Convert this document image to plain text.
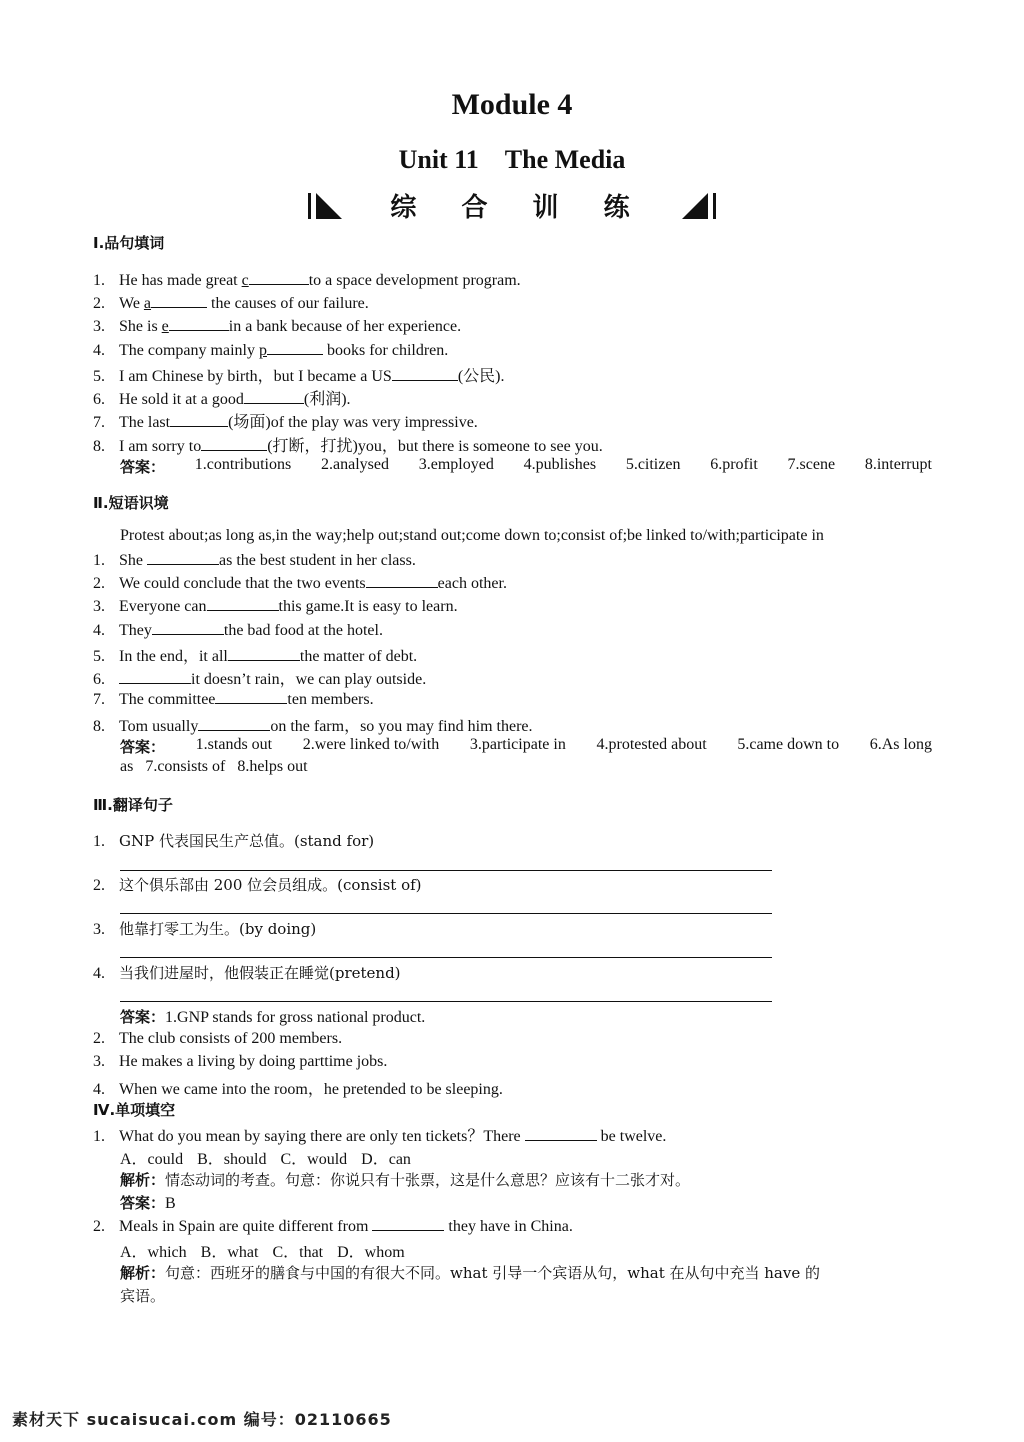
Module 4
Unit 11 The Media
综 合 训 练
Ⅰ.品句填词
1. He has made great c	to a space development program.
2. We a	the causes of our failure.
3. She is e	in a bank because of her experience.
4. The company mainly p	books for children.
5. I am Chinese by birth，but I became a US	(公民).
6. He sold it at a good	(利润).
7. The last	(场面)of the play was very impressive.
8. I am sorry to	(打断，打扰)you，but there is someone to see you.
答案： 1.contributions 2.analysed 3.employed 4.publishes 5.citizen 6.profit 7.scene 8.interrupt
Ⅱ.短语识境
Protest about;as long as,in the way;help out;stand out;come down to;consist of;be linked to/with;participate in
1. She	as the best student in her class.
2. We could conclude that the two events	each other.
3. Everyone can	this game.It is easy to learn.
4. They	the bad food at the hotel.
5. In the end，it all	the matter of debt.
6.	it doesn’t rain，we can play outside.
7. The committee	ten members.
8. Tom usually	on the farm，so you may find him there.
答案： 1.stands out 2.were linked to/with 3.participate in 4.protested about 5.came down to 6.As long
as   7.consists of   8.helps out
Ⅲ.翻译句子
1. GNP 代表国民生产总值。(stand for)
2. 这个俱乐部由 200 位会员组成。(consist of)
3. 他靠打零工为生。(by doing)
4. 当我们进屋时，他假装正在睡觉(pretend)
答案：1.GNP stands for gross national product.
2. The club consists of 200 members.
3. He makes a living by doing parttime jobs.
4. When we came into the room，he pretended to be sleeping.
Ⅳ.单项填空
1. What do you mean by saying there are only ten tickets？There	be twelve.
A．could B．should C．would D．can
解析：情态动词的考查。句意：你说只有十张票，这是什么意思？应该有十二张才对。
答案：B
2. Meals in Spain are quite different from	they have in China.
A．which B．what C．that D．whom
解析：句意：西班牙的膳食与中国的有很大不同。what 引导一个宾语从句，what 在从句中充当 have 的
宾语。
素材天下 sucaisucai.com 编号：02110665
